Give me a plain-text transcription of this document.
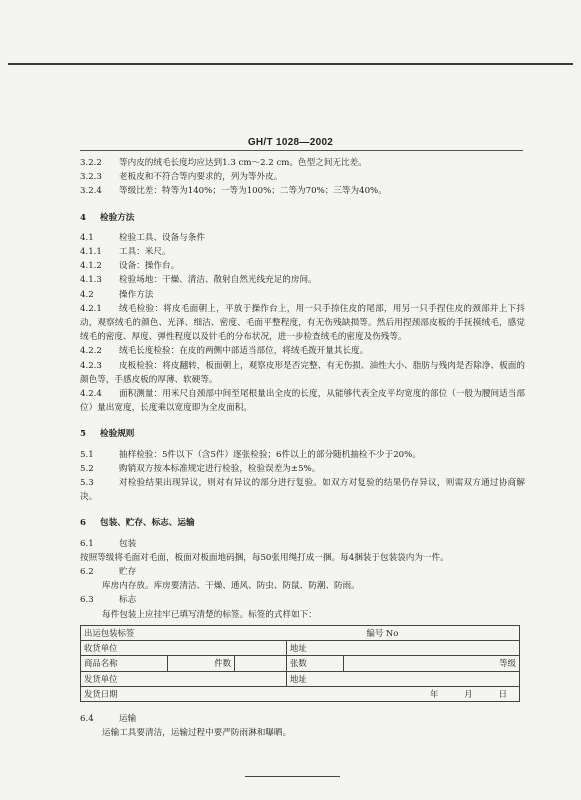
GH/T 1028—2002
3.2.2	等内皮的绒毛长度均应达到1.3 cm～2.2 cm。色型之间无比差。
3.2.3	老板皮和不符合等内要求的，列为等外皮。
3.2.4	等级比差：特等为140%；一等为100%；二等为70%；三等为40%。
4	检验方法
4.1	检验工具、设备与条件
4.1.1	工具：米尺。
4.1.2	设备：操作台。
4.1.3	检验场地：干燥、清洁、散射自然光线充足的房间。
4.2	操作方法
4.2.1	绒毛检验：将皮毛面朝上，平放于操作台上，用一只手捺住皮的尾部，用另一只手捏住皮的颈部并上下抖动，观察绒毛的颜色、光泽、细洁、密度、毛面平整程度，有无伤残缺损等。然后用捏颈部皮板的手抚摸绒毛，感觉绒毛的密度、厚度、弹性程度以及针毛的分布状况，进一步检查绒毛的密度及伤残等。
4.2.2	绒毛长度检验：在皮的两侧中部适当部位，将绒毛拨开量其长度。
4.2.3	皮板检验：将皮翻转，板面朝上，观察皮形是否完整、有无伤损、油性大小、脂肪与残肉是否除净、板面的颜色等，手感皮板的厚薄、软硬等。
4.2.4	面积测量：用米尺自颈部中间至尾根量出全皮的长度，从能够代表全皮平均宽度的部位（一般为腰间适当部位）量出宽度，长度乘以宽度即为全皮面积。
5	检验规则
5.1	抽样检验：5件以下（含5件）逐张检验；6件以上的部分随机抽检不少于20%。
5.2	购销双方按本标准规定进行检验，检验误差为±5%。
5.3	对检验结果出现异议，则对有异议的部分进行复验。如双方对复验的结果仍存异议，则需双方通过协商解决。
6	包装、贮存、标志、运输
6.1	包装
按照等级将毛面对毛面，板面对板面地码捆，每50张用绳打成一捆。每4捆装于包装袋内为一件。
6.2	贮存
库房内存放。库房要清洁、干燥、通风、防虫、防鼠、防潮、防雨。
6.3	标志
每件包装上应挂牢已填写清楚的标签。标签的式样如下：
出运包装标签			编号 No	
收货单位			地址	
商品名称	件数		张数	等级
发货单位			地址	
发货日期			年 月 日	
6.4	运输
运输工具要清洁，运输过程中要严防雨淋和曝晒。
